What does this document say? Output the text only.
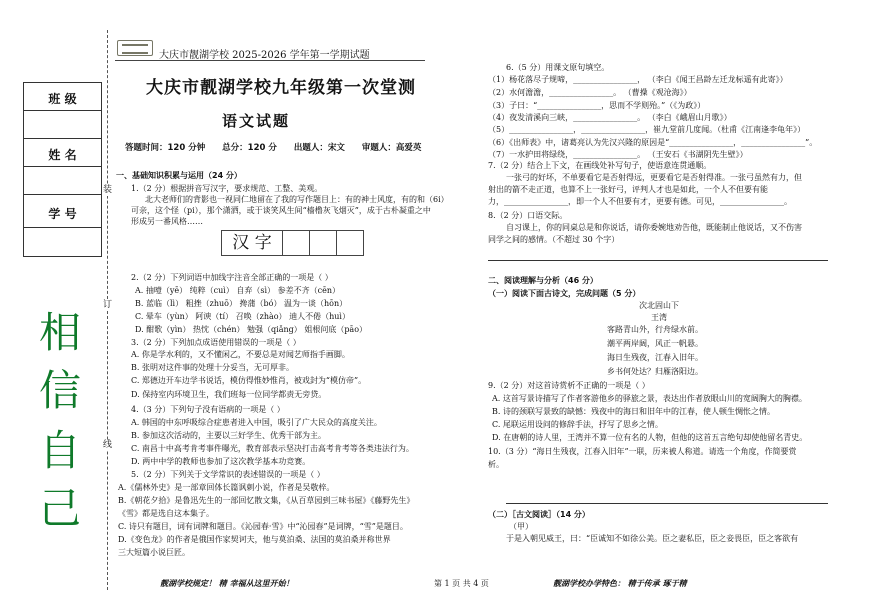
班 级
姓 名
学 号
相
信
自
己
装
订
线
大庆市靓湖学校 2025-2026 学年第一学期试题
大庆市靓湖学校九年级第一次堂测
语文试题
答题时间：120 分钟 总分：120 分 出题人：宋文 审题人：高爱英
一、基础知识积累与运用（24 分）
1.（2 分）根据拼音写汉字，要求规范、工整、美观。
北大老师们的背影也一视同仁地留在了我的写作题目上：有的神士风度，有的和（6i）
可亲，这个怪（pi），那个潇洒，或于谈笑风生间“樯橹灰飞烟灭”，成于古朴凝重之中
形成另一番风格……
汉 字
2.（2 分）下列词语中加线字注音全部正确的一项是（ ）
A. 抽噎（yē） 纯粹（cuì） 自弃（sì） 参差不齐（cēn）
B. 蓝临（lì） 粗挫（zhuō） 搀蒲（bó） 温为一谈（hōn）
C. 晕车（yùn） 阿谀（tí） 召唤（zhào） 迪人不倦（huì）
D. 酣歌（yìn） 热忱（chén） 勉强（qiǎng） 姐根问底（pāo）
3.（2 分）下列加点成语使用错误的一项是（ ）
A. 你是学水利的，又不懂闲乙，不要总是对闻艺师指手画脚。
B. 张明对这件事的处理十分妥当，无可厚非。
C. 郑德边开车边学书说话，模仿得惟妙惟肖，被戏封为“模仿帝”。
D. 保持室内环境卫生，我们班每一位同学都责无旁贷。
4.（3 分）下列句子没有语病的一项是（ ）
A. 韩国的中东呼吸综合症患者进入中国，吸引了广大民众的高度关注。
B. 参加这次活动的，主要以三好学生、优秀干部为主。
C. 南昌十中高考肯考事件曝光，教育部表示坚决打击高考肯考等各类违法行为。
D. 两中中学的教师也参加了这次教学基本功竞赛。
5.（2 分）下列关于文学常识的表述错误的一项是（ ）
A.《儒林外史》是一部章回体长篇讽刺小说，作者是吴敬梓。
B.《朝花夕拾》是鲁迅先生的一部回忆散文集，《从百草园到三味书屋》《藤野先生》
《雪》都是选自这本集子。
C. 诗只有题目，词有词牌和题目。《沁园春·雪》中“沁园春”是词牌，“雪”是题目。
D.《变色龙》的作者是俄国作家契诃夫，他与莫泊桑、法国的莫泊桑并称世界
三大短篇小说巨匠。
6.（5 分）用课文原句填空。
（1）杨花落尽子规啼，________________， （李白《闻王昌龄左迁龙标遥有此寄》）
（2）水何澹澹，________________。 （曹操《观沧海》）
（3）子曰：“________________，思而不学则殆。”（《为政》）
（4）夜发清溪向三峡，________________。 （李白《峨眉山月歌》）
（5）________________，________________，崔九堂前几度闻。（杜甫《江南逢李龟年》）
（6）《出师表》中，诸葛亮认为先汉兴隆的原因是“________________，________________”。
（7）一水护田将绿绕，________________。 （王安石《书湖阴先生壁》）
7.（2 分）结合上下文，在画线处补写句子，使语意连贯通顺。
一张弓的好坏，不单要看它是否射得远，更要看它是否射得准。一张弓虽然有力，但
射出的箭不走正道，也算不上一张好弓，评判人才也是如此，一个人不但要有能
力，________________，即一个人不但要有才，更要有德。可见，________________。
8.（2 分）口语交际。
自习课上，你的同桌总是和你说话，请你委婉地劝告他，既能制止他说话，又不伤害
同学之间的感情。（不超过 30 个字）
二、阅读理解与分析（46 分）
（一）阅读下面古诗文，完成问题（5 分）
次北固山下
王湾
客路青山外，行舟绿水前。
潮平两岸阔，风正一帆悬。
海日生残夜，江春入旧年。
乡书何处达？归雁洛阳边。
9.（2 分）对这首诗赏析不正确的一项是（ ）
A. 这首写景诗描写了作者客游他乡的驿旅之景，表达出作者放眼山川的宽阔胸大的胸襟。
B. 诗的颈联写景致的缺憾：残夜中的海日和旧年中的江春，使人顿生惆怅之情。
C. 尾联运用设问的修辞手法，抒写了思乡之情。
D. 在唐朝的诗人里，王湾并不算一位有名的人物，但他的这首五言绝句却使他留名青史。
10.（3 分）“海日生残夜，江春入旧年”一联，历来被人称道。请选一个角度，作简要赏
析。
（二）［古文阅读］（14 分）
（甲）
于是入朝见威王，曰：“臣诚知不如徐公美。臣之妻私臣，臣之妾畏臣，臣之客欲有
靓湖学校规定！ 精 幸福从这里开始！	第 1 页 共 4 页	靓湖学校办学特色： 精于传承 琢于精
